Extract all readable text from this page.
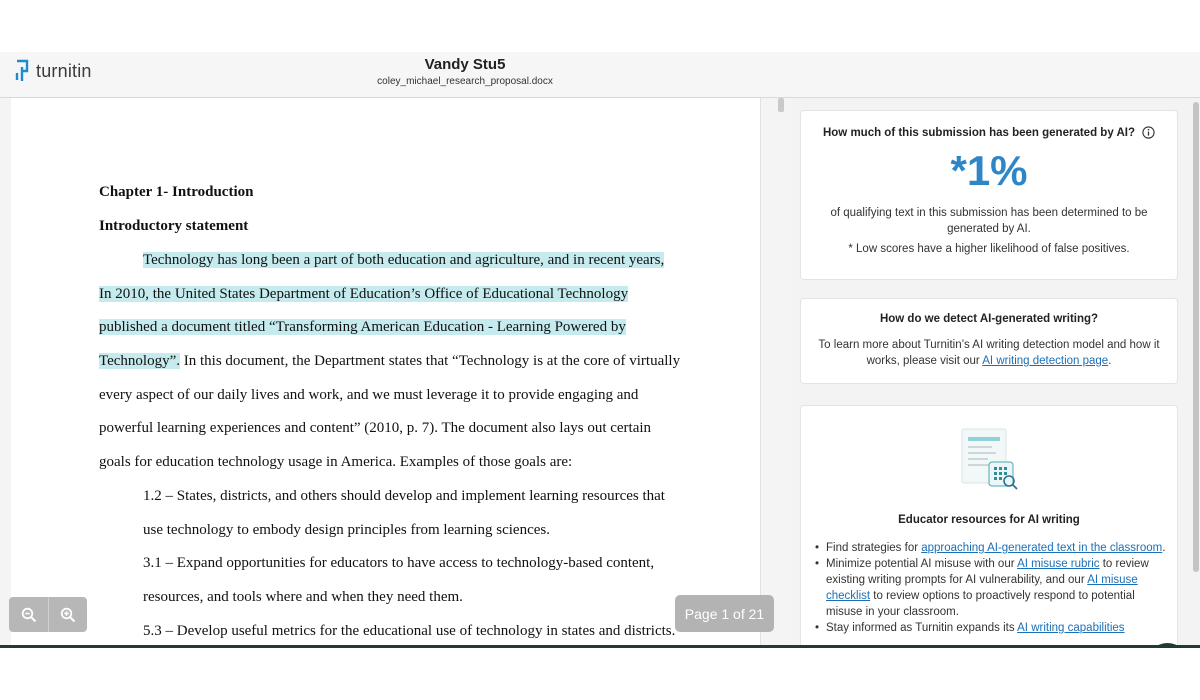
turnitin	Vandy Stu5
coley_michael_research_proposal.docx
Chapter 1- Introduction
Introductory statement
Technology has long been a part of both education and agriculture, and in recent years,
In 2010, the United States Department of Education’s Office of Educational Technology
published a document titled “Transforming American Education - Learning Powered by
Technology”. In this document, the Department states that “Technology is at the core of virtually
every aspect of our daily lives and work, and we must leverage it to provide engaging and
powerful learning experiences and content” (2010, p. 7). The document also lays out certain
goals for education technology usage in America. Examples of those goals are:
1.2 – States, districts, and others should develop and implement learning resources that
use technology to embody design principles from learning sciences.
3.1 – Expand opportunities for educators to have access to technology-based content,
resources, and tools where and when they need them.
5.3 – Develop useful metrics for the educational use of technology in states and districts.
Page 1 of 21
How much of this submission has been generated by AI?
*1%
of qualifying text in this submission has been determined to be generated by AI.
* Low scores have a higher likelihood of false positives.
How do we detect AI-generated writing?
To learn more about Turnitin’s AI writing detection model and how it works, please visit our AI writing detection page.
Educator resources for AI writing
• Find strategies for approaching AI-generated text in the classroom.
• Minimize potential AI misuse with our AI misuse rubric to review existing writing prompts for AI vulnerability, and our AI misuse checklist to review options to proactively respond to potential misuse in your classroom.
• Stay informed as Turnitin expands its AI writing capabilities
